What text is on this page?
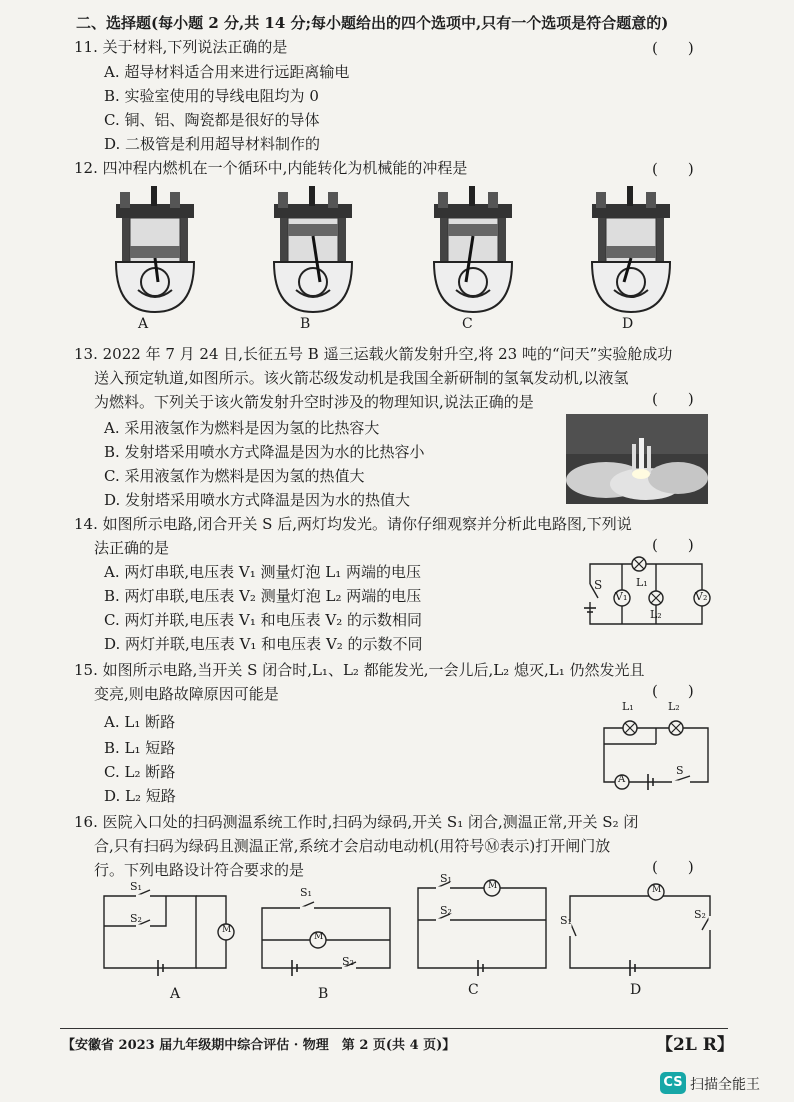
二、选择题(每小题 2 分,共 14 分;每小题给出的四个选项中,只有一个选项是符合题意的)
11. 关于材料,下列说法正确的是	(　　)
A. 超导材料适合用来进行远距离输电
B. 实验室使用的导线电阻均为 0
C. 铜、铝、陶瓷都是很好的导体
D. 二极管是利用超导材料制作的
12. 四冲程内燃机在一个循环中,内能转化为机械能的冲程是	(　　)
A	B	C	D
13. 2022 年 7 月 24 日,长征五号 B 遥三运载火箭发射升空,将 23 吨的“问天”实验舱成功
送入预定轨道,如图所示。该火箭芯级发动机是我国全新研制的氢氧发动机,以液氢
为燃料。下列关于该火箭发射升空时涉及的物理知识,说法正确的是	(　　)
A. 采用液氢作为燃料是因为氢的比热容大
B. 发射塔采用喷水方式降温是因为水的比热容小
C. 采用液氢作为燃料是因为氢的热值大
D. 发射塔采用喷水方式降温是因为水的热值大
14. 如图所示电路,闭合开关 S 后,两灯均发光。请你仔细观察并分析此电路图,下列说
法正确的是	(　　)
A. 两灯串联,电压表 V₁ 测量灯泡 L₁ 两端的电压
B. 两灯串联,电压表 V₂ 测量灯泡 L₂ 两端的电压
C. 两灯并联,电压表 V₁ 和电压表 V₂ 的示数相同
D. 两灯并联,电压表 V₁ 和电压表 V₂ 的示数不同
S
V₁	V₂
L₁
L₂
15. 如图所示电路,当开关 S 闭合时,L₁、L₂ 都能发光,一会儿后,L₂ 熄灭,L₁ 仍然发光且
变亮,则电路故障原因可能是	(　　)
A. L₁ 断路
B. L₁ 短路
C. L₂ 断路
D. L₂ 短路
L₁	L₂
A
S
16. 医院入口处的扫码测温系统工作时,扫码为绿码,开关 S₁ 闭合,测温正常,开关 S₂ 闭
合,只有扫码为绿码且测温正常,系统才会启动电动机(用符号Ⓜ表示)打开闸门放
行。下列电路设计符合要求的是	(　　)
S₁
S₂
M
S₁
M
S₂
S₁
S₂
M	M
S₁	S₂
A	B	C	D
【安徽省 2023 届九年级期中综合评估 · 物理　第 2 页(共 4 页)】	【2L R】
CS 扫描全能王
